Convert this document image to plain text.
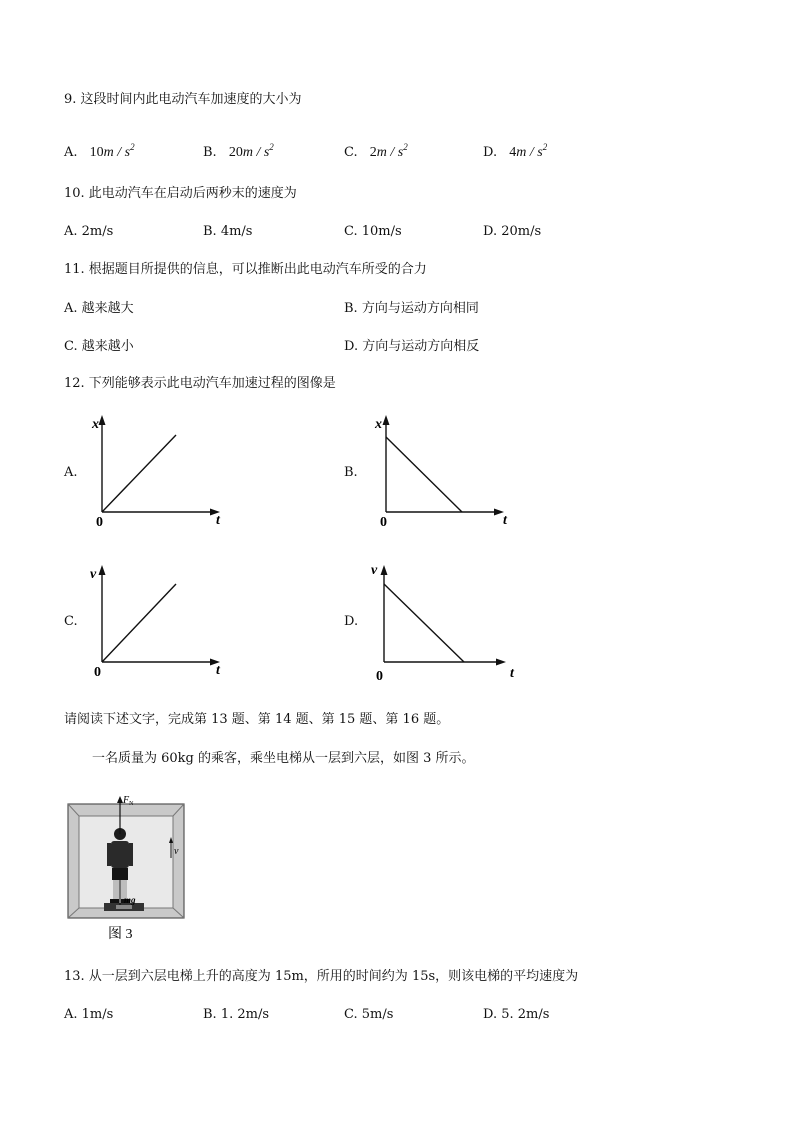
9. 这段时间内此电动汽车加速度的大小为
A. $10m / s^2$	B. $20m / s^2$	C. $2m / s^2$	D. $4m / s^2$
10. 此电动汽车在启动后两秒末的速度为
A. 2m/s	B. 4m/s	C. 10m/s	D. 20m/s
11. 根据题目所提供的信息，可以推断出此电动汽车所受的合力
A. 越来越大	B. 方向与运动方向相同
C. 越来越小	D. 方向与运动方向相反
12. 下列能够表示此电动汽车加速过程的图像是
A.
x
t
0
B.
x
t
0
C.
v
t
0
D.
v
t
0
请阅读下述文字，完成第 13 题、第 14 题、第 15 题、第 16 题。
一名质量为 60kg 的乘客，乘坐电梯从一层到六层，如图 3 所示。
$F_N$
mg
v
图 3
13. 从一层到六层电梯上升的高度为 15m，所用的时间约为 15s，则该电梯的平均速度为
A. 1m/s	B. 1. 2m/s	C. 5m/s	D. 5. 2m/s
